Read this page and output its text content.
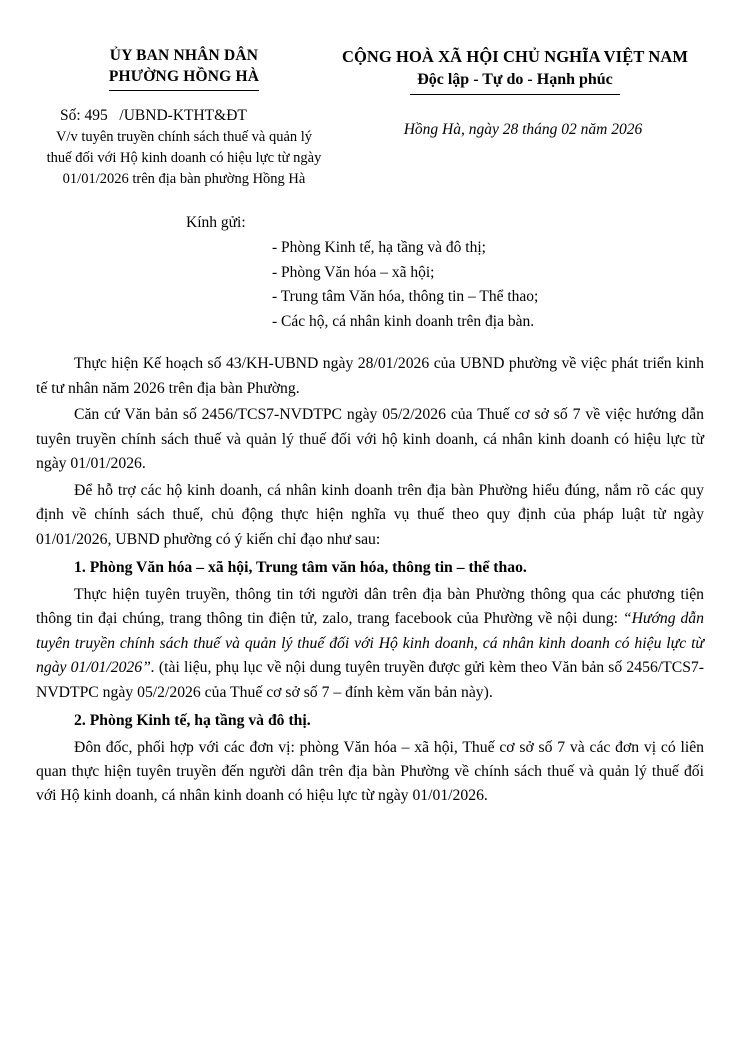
ỦY BAN NHÂN DÂN
PHƯỜNG HỒNG HÀ
CỘNG HOÀ XÃ HỘI CHỦ NGHĨA VIỆT NAM
Độc lập - Tự do - Hạnh phúc
Số: 495   /UBND-KTHT&ĐT
V/v tuyên truyền chính sách thuế và quản lý
thuế đối với Hộ kinh doanh có hiệu lực từ ngày
01/01/2026 trên địa bàn phường Hồng Hà
Hồng Hà, ngày 28 tháng 02 năm 2026
Kính gửi:
- Phòng Kinh tế, hạ tầng và đô thị;
- Phòng Văn hóa – xã hội;
- Trung tâm Văn hóa, thông tin – Thể thao;
- Các hộ, cá nhân kinh doanh trên địa bàn.

Thực hiện Kế hoạch số 43/KH-UBND ngày 28/01/2026 của UBND phường về việc phát triển kinh tế tư nhân năm 2026 trên địa bàn Phường.

Căn cứ Văn bản số 2456/TCS7-NVDTPC ngày 05/2/2026 của Thuế cơ sở số 7 về việc hướng dẫn tuyên truyền chính sách thuế và quản lý thuế đối với hộ kinh doanh, cá nhân kinh doanh có hiệu lực từ ngày 01/01/2026.

Để hỗ trợ các hộ kinh doanh, cá nhân kinh doanh trên địa bàn Phường hiểu đúng, nắm rõ các quy định về chính sách thuế, chủ động thực hiện nghĩa vụ thuế theo quy định của pháp luật từ ngày 01/01/2026, UBND phường có ý kiến chỉ đạo như sau:

1. Phòng Văn hóa – xã hội, Trung tâm văn hóa, thông tin – thể thao.

Thực hiện tuyên truyền, thông tin tới người dân trên địa bàn Phường thông qua các phương tiện thông tin đại chúng, trang thông tin điện tử, zalo, trang facebook của Phường về nội dung: “Hướng dẫn tuyên truyền chính sách thuế và quản lý thuế đối với Hộ kinh doanh, cá nhân kinh doanh có hiệu lực từ ngày 01/01/2026”. (tài liệu, phụ lục về nội dung tuyên truyền được gửi kèm theo Văn bản số 2456/TCS7-NVDTPC ngày 05/2/2026 của Thuế cơ sở số 7 – đính kèm văn bản này).

2. Phòng Kinh tế, hạ tầng và đô thị.

Đôn đốc, phối hợp với các đơn vị: phòng Văn hóa – xã hội, Thuế cơ sở số 7 và các đơn vị có liên quan thực hiện tuyên truyền đến người dân trên địa bàn Phường về chính sách thuế và quản lý thuế đối với Hộ kinh doanh, cá nhân kinh doanh có hiệu lực từ ngày 01/01/2026.
